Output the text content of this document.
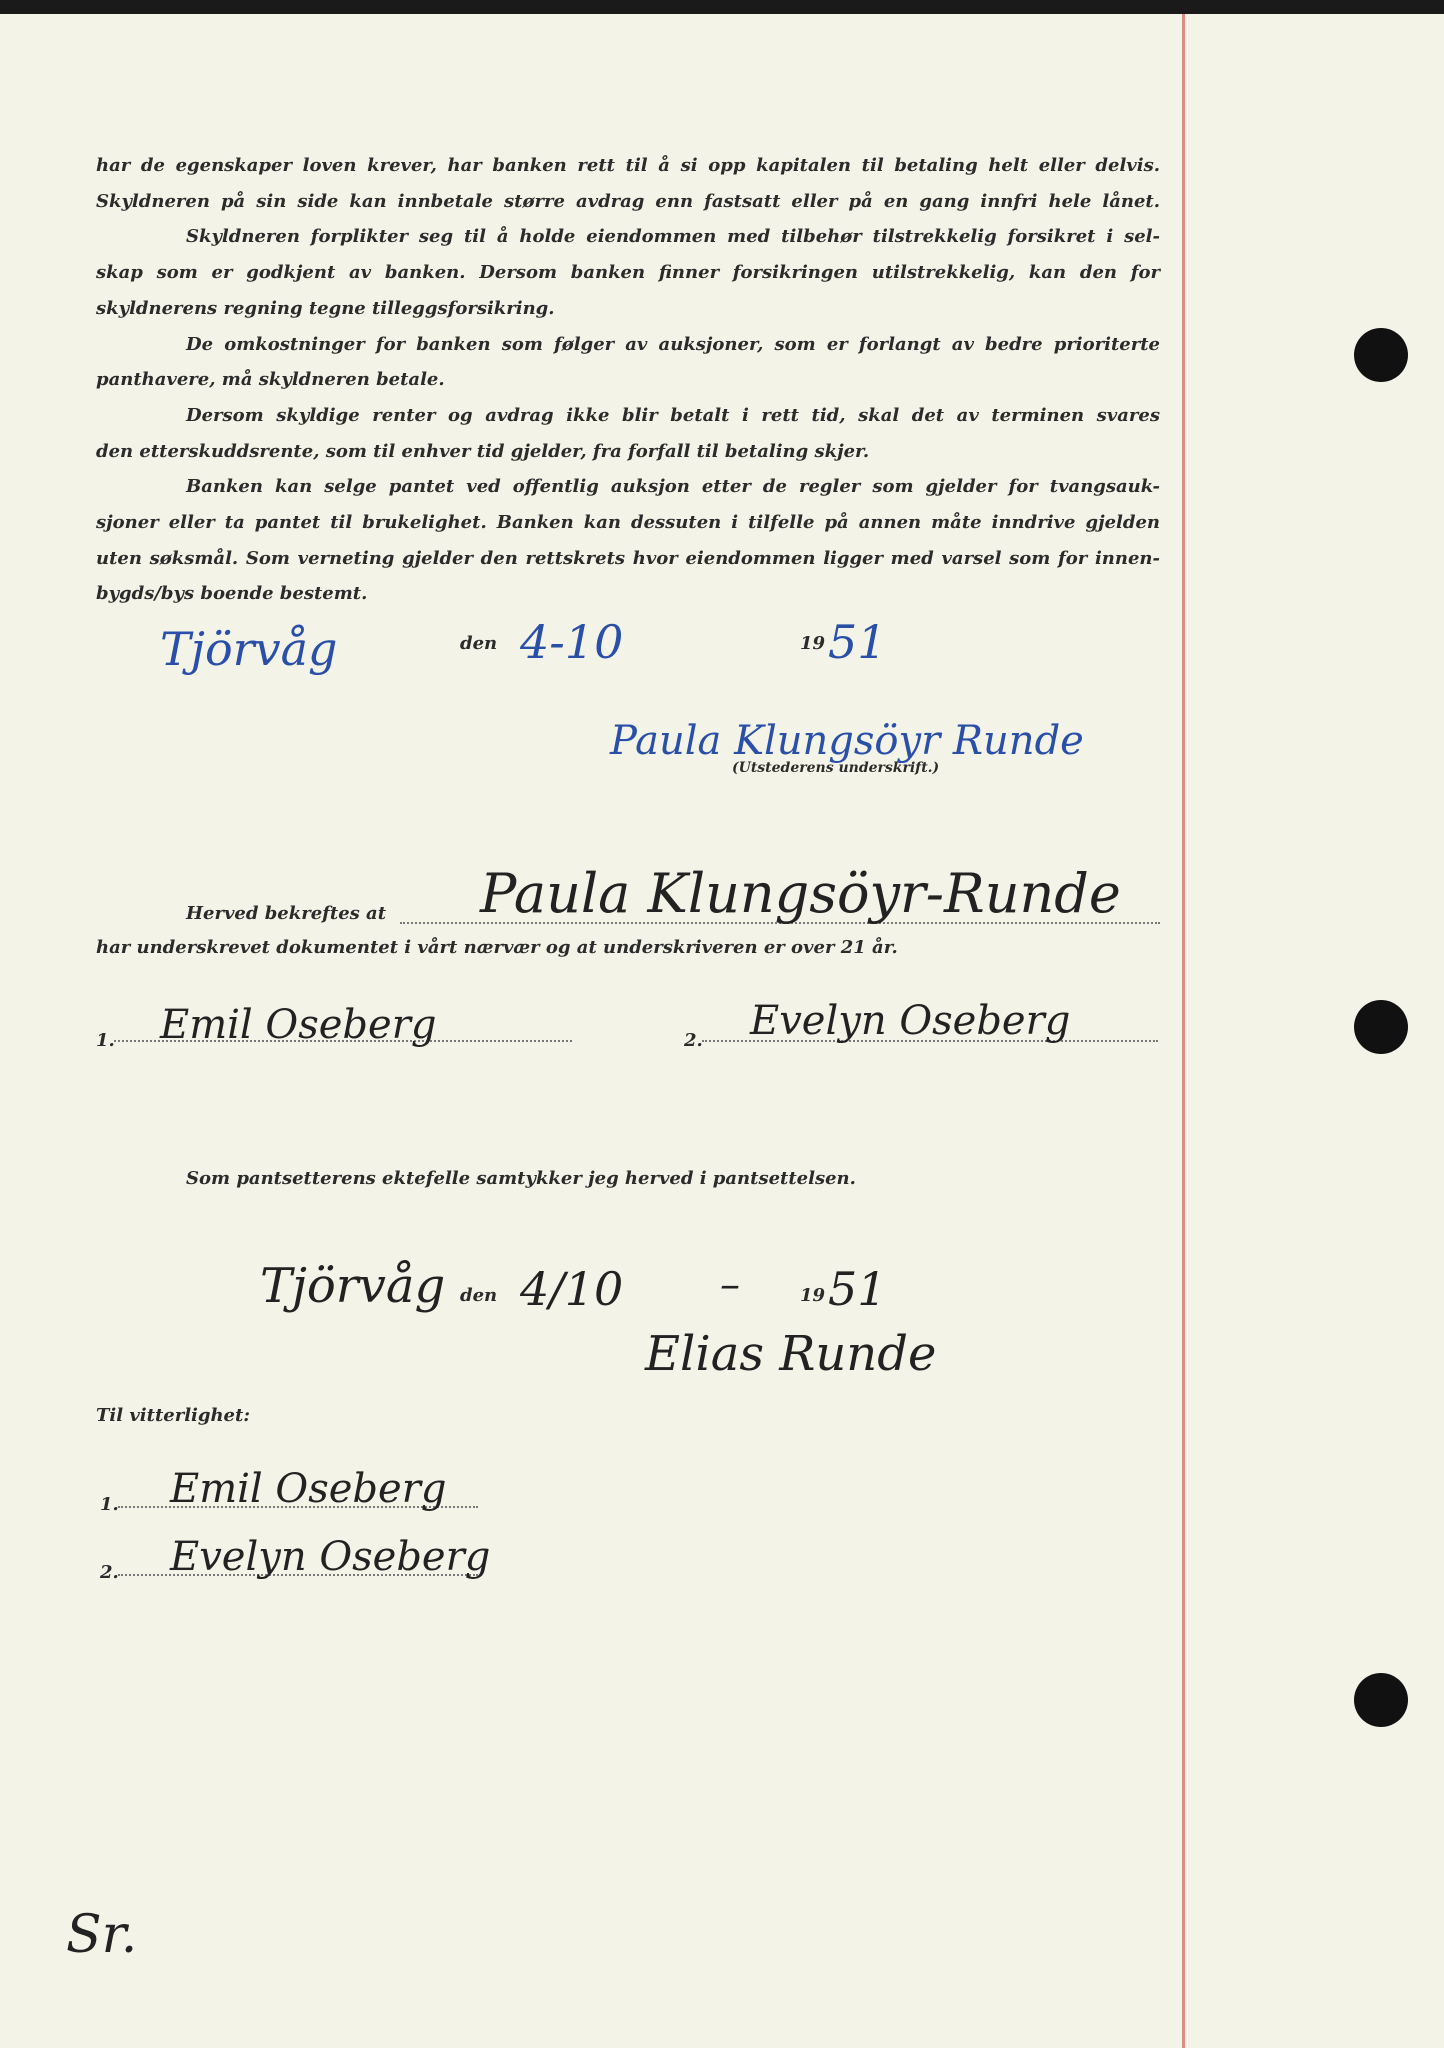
har de egenskaper loven krever, har banken rett til å si opp kapitalen til betaling helt eller delvis.
Skyldneren på sin side kan innbetale større avdrag enn fastsatt eller på en gang innfri hele lånet.
Skyldneren forplikter seg til å holde eiendommen med tilbehør tilstrekkelig forsikret i sel-
skap som er godkjent av banken. Dersom banken finner forsikringen utilstrekkelig, kan den for
skyldnerens regning tegne tilleggsforsikring.
De omkostninger for banken som følger av auksjoner, som er forlangt av bedre prioriterte
panthavere, må skyldneren betale.
Dersom skyldige renter og avdrag ikke blir betalt i rett tid, skal det av terminen svares
den etterskuddsrente, som til enhver tid gjelder, fra forfall til betaling skjer.
Banken kan selge pantet ved offentlig auksjon etter de regler som gjelder for tvangsauk-
sjoner eller ta pantet til brukelighet. Banken kan dessuten i tilfelle på annen måte inndrive gjelden
uten søksmål. Som verneting gjelder den rettskrets hvor eiendommen ligger med varsel som for innen-
bygds/bys boende bestemt.
Tjörvåg	den 4-10	19 51
Paula Klungsöyr Runde
(Utstederens underskrift.)
Herved bekreftes at Paula Klungsöyr-Runde
har underskrevet dokumentet i vårt nærvær og at underskriveren er over 21 år.
1. Emil Oseberg	2. Evelyn Oseberg
Som pantsetterens ektefelle samtykker jeg herved i pantsettelsen.
Tjörvåg den 4/10 –	19 51
Elias Runde
Til vitterlighet:
1. Emil Oseberg
2. Evelyn Oseberg
Sr.
